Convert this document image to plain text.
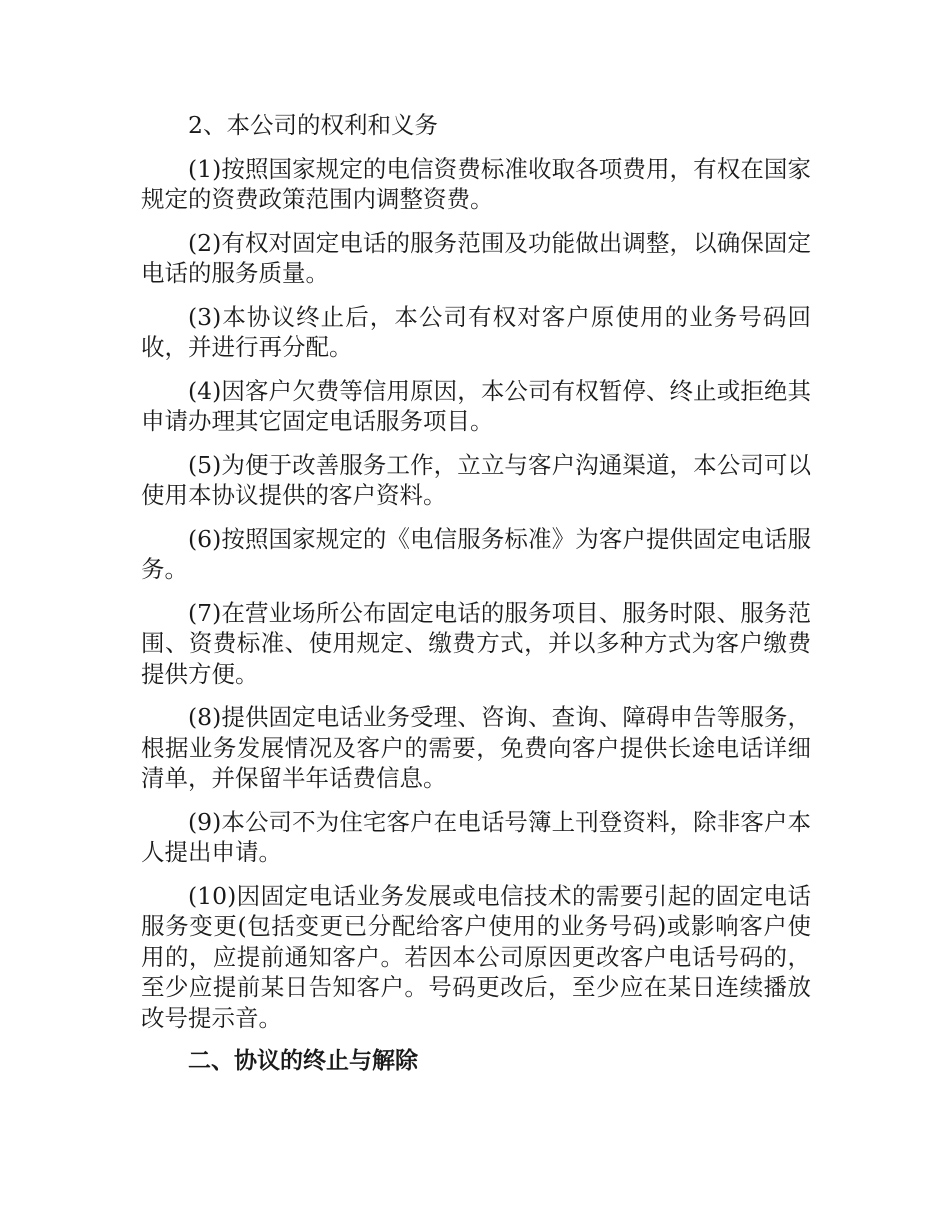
2、本公司的权利和义务

(1)按照国家规定的电信资费标准收取各项费用，有权在国家规定的资费政策范围内调整资费。

(2)有权对固定电话的服务范围及功能做出调整，以确保固定电话的服务质量。

(3)本协议终止后，本公司有权对客户原使用的业务号码回收，并进行再分配。

(4)因客户欠费等信用原因，本公司有权暂停、终止或拒绝其申请办理其它固定电话服务项目。

(5)为便于改善服务工作，立立与客户沟通渠道，本公司可以使用本协议提供的客户资料。

(6)按照国家规定的《电信服务标准》为客户提供固定电话服务。

(7)在营业场所公布固定电话的服务项目、服务时限、服务范围、资费标准、使用规定、缴费方式，并以多种方式为客户缴费提供方便。

(8)提供固定电话业务受理、咨询、查询、障碍申告等服务，根据业务发展情况及客户的需要，免费向客户提供长途电话详细清单，并保留半年话费信息。

(9)本公司不为住宅客户在电话号簿上刊登资料，除非客户本人提出申请。

(10)因固定电话业务发展或电信技术的需要引起的固定电话服务变更(包括变更已分配给客户使用的业务号码)或影响客户使用的，应提前通知客户。若因本公司原因更改客户电话号码的，至少应提前某日告知客户。号码更改后，至少应在某日连续播放改号提示音。

二、协议的终止与解除
